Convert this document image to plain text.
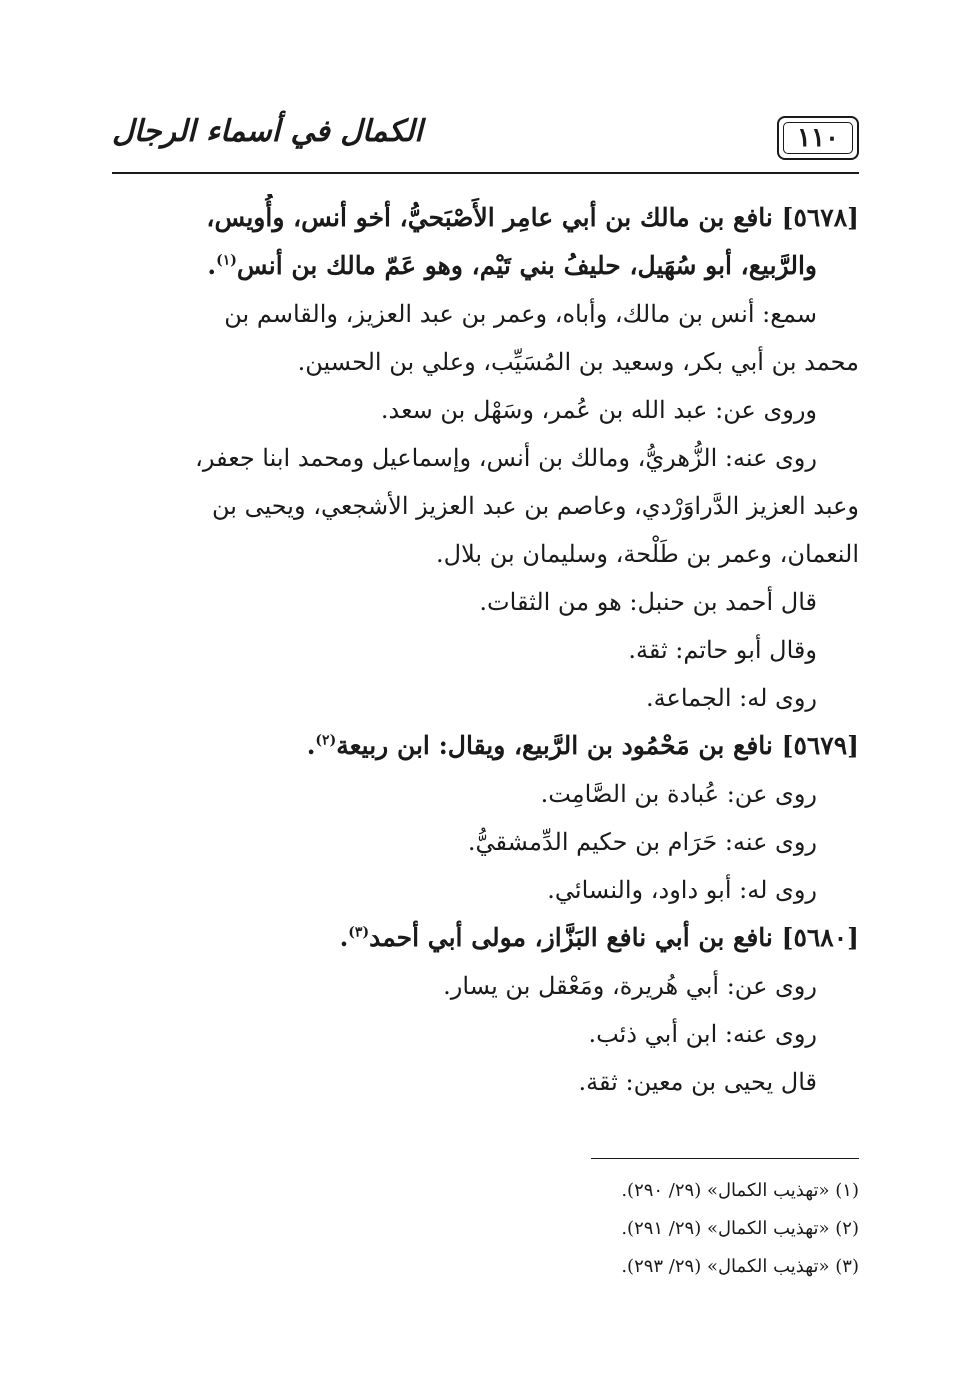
١١٠
الكمال في أسماء الرجال
[٥٦٧٨] نافع بن مالك بن أبي عامِر الأَصْبَحيُّ، أخو أنس، وأُويس،
والرَّبيع، أبو سُهَيل، حليفُ بني تَيْم، وهو عَمّ مالك بن أنس$^{(١)}$.
سمع: أنس بن مالك، وأباه، وعمر بن عبد العزيز، والقاسم بن
محمد بن أبي بكر، وسعيد بن المُسَيِّب، وعلي بن الحسين.
وروى عن: عبد الله بن عُمر، وسَهْل بن سعد.
روى عنه: الزُّهريُّ، ومالك بن أنس، وإسماعيل ومحمد ابنا جعفر،
وعبد العزيز الدَّراوَرْدي، وعاصم بن عبد العزيز الأشجعي، ويحيى بن
النعمان، وعمر بن طَلْحة، وسليمان بن بلال.
قال أحمد بن حنبل: هو من الثقات.
وقال أبو حاتم: ثقة.
روى له: الجماعة.
[٥٦٧٩] نافع بن مَحْمُود بن الرَّبيع، ويقال: ابن ربيعة$^{(٢)}$.
روى عن: عُبادة بن الصَّامِت.
روى عنه: حَرَام بن حكيم الدِّمشقيُّ.
روى له: أبو داود، والنسائي.
[٥٦٨٠] نافع بن أبي نافع البَزَّاز، مولى أبي أحمد$^{(٣)}$.
روى عن: أبي هُريرة، ومَعْقل بن يسار.
روى عنه: ابن أبي ذئب.
قال يحيى بن معين: ثقة.
(١) «تهذيب الكمال» (٢٩/ ٢٩٠).
(٢) «تهذيب الكمال» (٢٩/ ٢٩١).
(٣) «تهذيب الكمال» (٢٩/ ٢٩٣).
